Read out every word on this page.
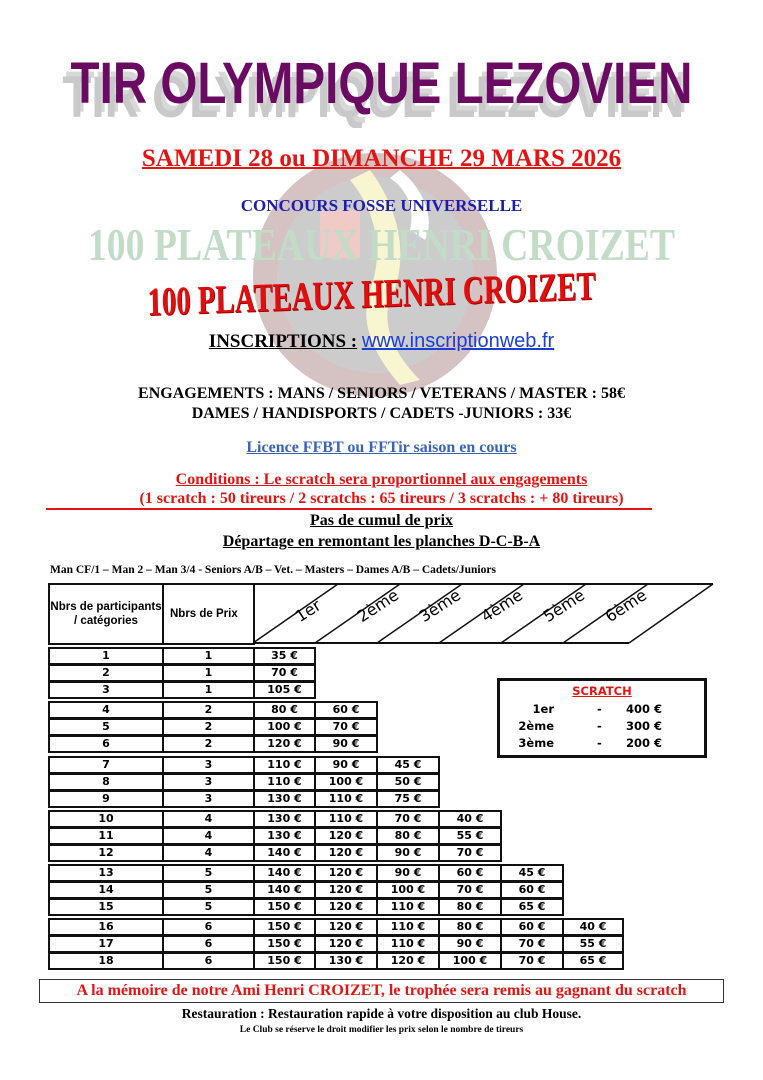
TIR OLYMPIQUE LEZOVIEN
SAMEDI 28 ou DIMANCHE 29 MARS 2026
CONCOURS FOSSE UNIVERSELLE
100 PLATEAUX HENRI CROIZET
100 PLATEAUX HENRI CROIZET
INSCRIPTIONS : www.inscriptionweb.fr
ENGAGEMENTS : MANS / SENIORS / VETERANS / MASTER : 58€
DAMES / HANDISPORTS / CADETS -JUNIORS : 33€
Licence FFBT ou FFTir saison en cours
Conditions : Le scratch sera proportionnel aux engagements
(1 scratch : 50 tireurs / 2 scratchs : 65 tireurs / 3 scratchs : + 80 tireurs)
Pas de cumul de prix
Départage en remontant les planches D-C-B-A
Man CF/1 – Man 2 – Man 3/4 - Seniors A/B – Vet. – Masters – Dames A/B – Cadets/Juniors
Nbrs de participants / catégories
Nbrs de Prix	1er 2ème 3ème 4ème 5ème 6ème
1	1	35 €
2	1	70 €
3	1	105 €
4	2	80 €	60 €
5	2	100 €	70 €
6	2	120 €	90 €
7	3	110 €	90 €	45 €
8	3	110 €	100 €	50 €
9	3	130 €	110 €	75 €
10	4	130 €	110 €	70 €	40 €
11	4	130 €	120 €	80 €	55 €
12	4	140 €	120 €	90 €	70 €
13	5	140 €	120 €	90 €	60 €	45 €
14	5	140 €	120 €	100 €	70 €	60 €
15	5	150 €	120 €	110 €	80 €	65 €
16	6	150 €	120 €	110 €	80 €	60 €	40 €
17	6	150 €	120 €	110 €	90 €	70 €	55 €
18	6	150 €	130 €	120 €	100 €	70 €	65 €
SCRATCH
1er	- 400 €
2ème	- 300 €
3ème	- 200 €
A la mémoire de notre Ami Henri CROIZET, le trophée sera remis au gagnant du scratch
Restauration : Restauration rapide à votre disposition au club House.
Le Club se réserve le droit modifier les prix selon le nombre de tireurs
